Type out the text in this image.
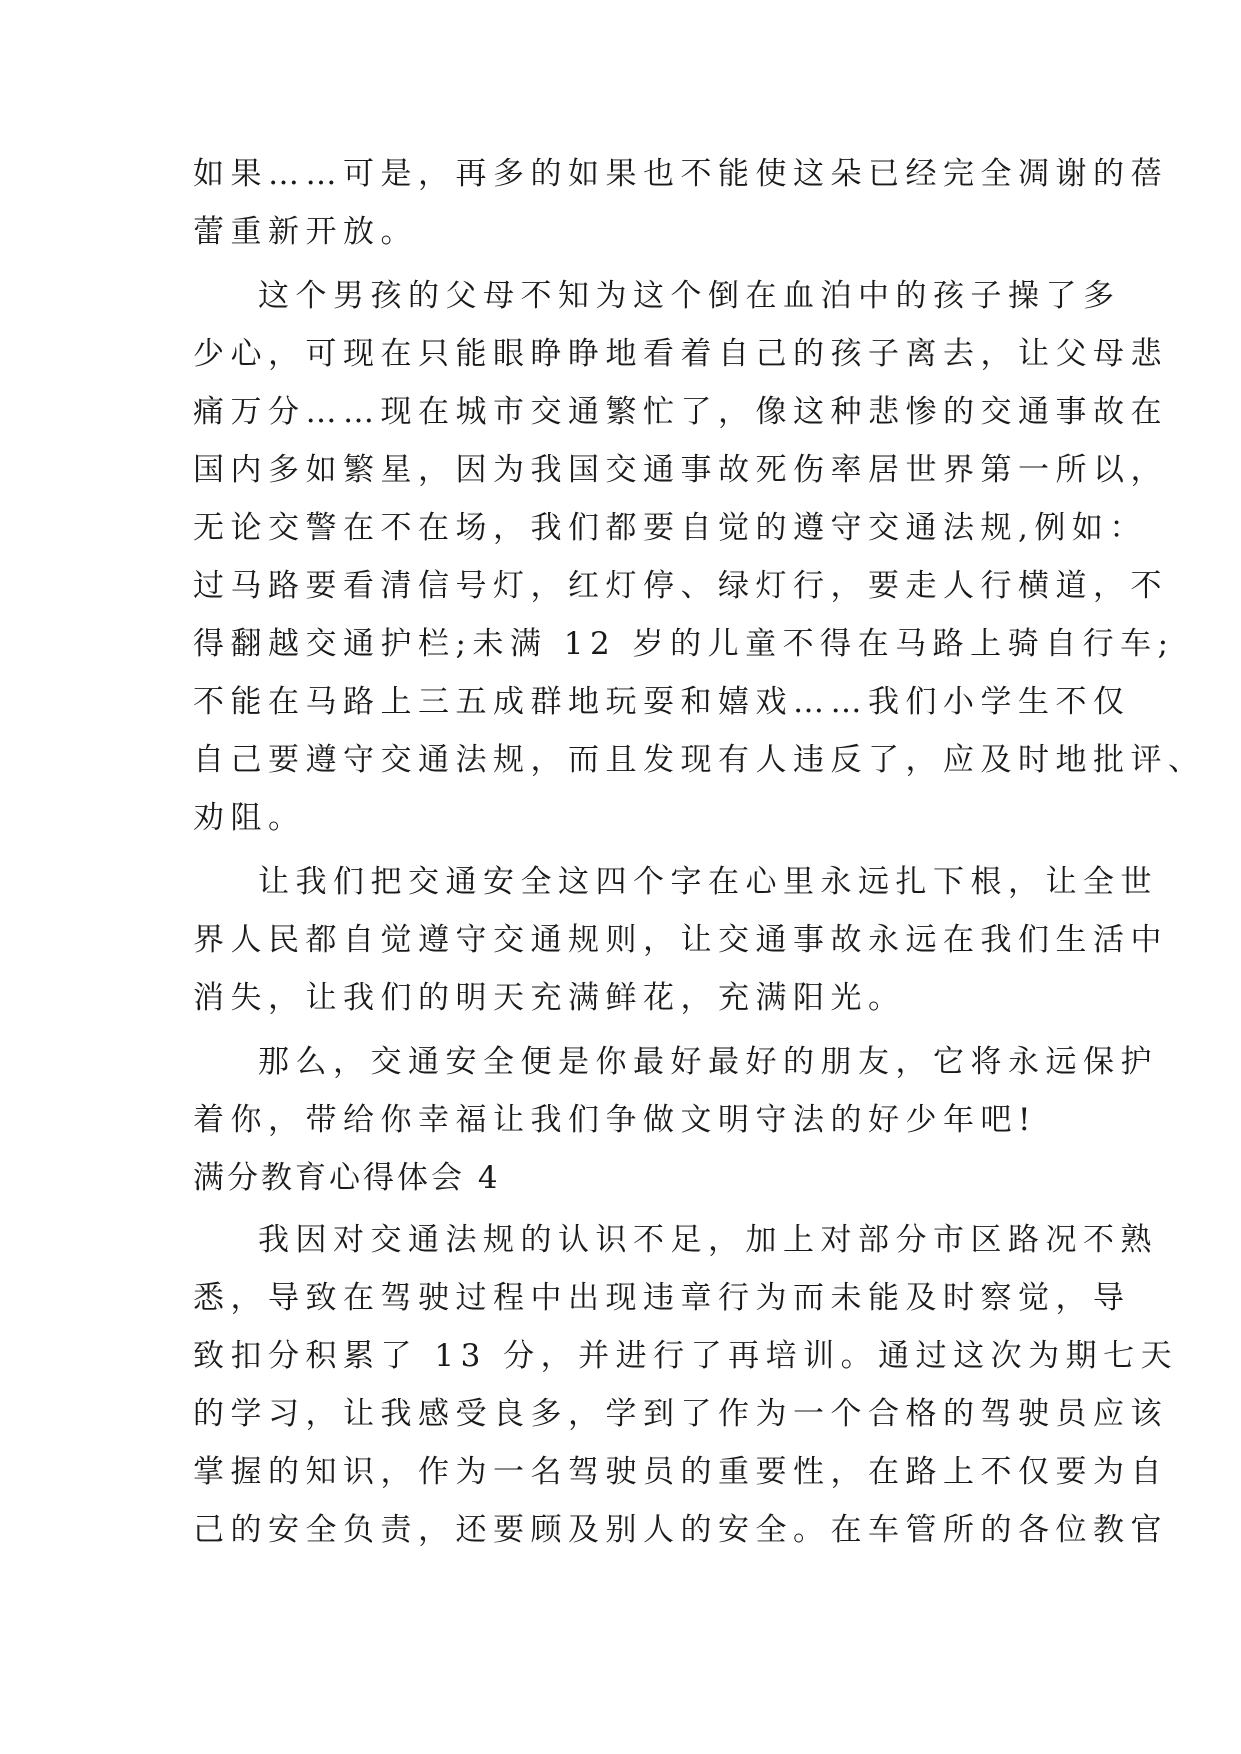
如果……可是，再多的如果也不能使这朵已经完全凋谢的蓓
蕾重新开放。
这个男孩的父母不知为这个倒在血泊中的孩子操了多
少心，可现在只能眼睁睁地看着自己的孩子离去，让父母悲
痛万分……现在城市交通繁忙了，像这种悲惨的交通事故在
国内多如繁星，因为我国交通事故死伤率居世界第一所以，
无论交警在不在场，我们都要自觉的遵守交通法规,例如：
过马路要看清信号灯，红灯停、绿灯行，要走人行横道，不
得翻越交通护栏;未满 12 岁的儿童不得在马路上骑自行车;
不能在马路上三五成群地玩耍和嬉戏……我们小学生不仅
自己要遵守交通法规，而且发现有人违反了，应及时地批评、
劝阻。
让我们把交通安全这四个字在心里永远扎下根，让全世
界人民都自觉遵守交通规则，让交通事故永远在我们生活中
消失，让我们的明天充满鲜花，充满阳光。
那么，交通安全便是你最好最好的朋友，它将永远保护
着你，带给你幸福让我们争做文明守法的好少年吧!
满分教育心得体会 4
我因对交通法规的认识不足，加上对部分市区路况不熟
悉，导致在驾驶过程中出现违章行为而未能及时察觉，导
致扣分积累了 13 分，并进行了再培训。通过这次为期七天
的学习，让我感受良多，学到了作为一个合格的驾驶员应该
掌握的知识，作为一名驾驶员的重要性，在路上不仅要为自
己的安全负责，还要顾及别人的安全。在车管所的各位教官
